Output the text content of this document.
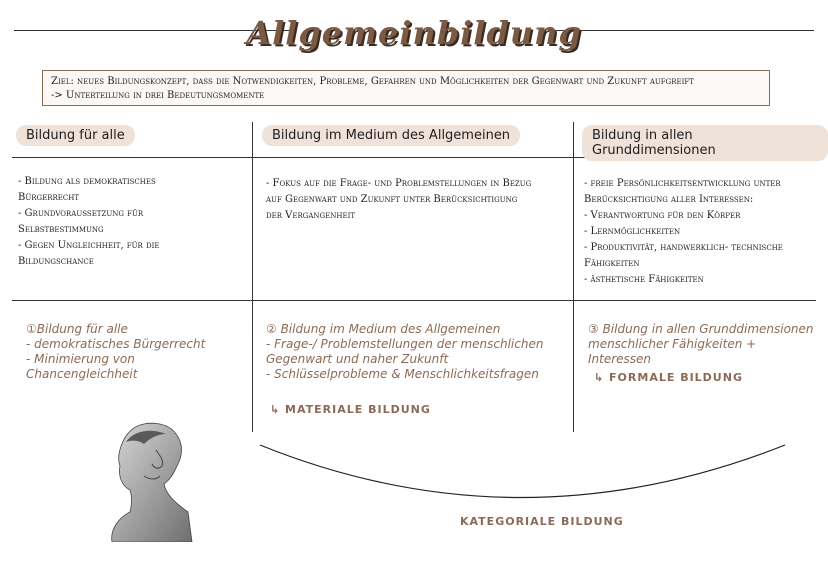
Allgemeinbildung
Ziel: neues Bildungskonzept, dass die Notwendigkeiten, Probleme, Gefahren und Möglichkeiten der Gegenwart und Zukunft aufgreift
-> Unterteilung in drei Bedeutungsmomente
Bildung für alle	Bildung im Medium des Allgemeinen	Bildung in allen Grunddimensionen
- Bildung als demokratisches
Bürgerrecht
- Grundvoraussetzung für
Selbstbestimmung
- Gegen Ungleichheit, für die
Bildungschance
- Fokus auf die Frage- und Problemstellungen in Bezug
auf Gegenwart und Zukunft unter Berücksichtigung
der Vergangenheit
- freie Persönlichkeitsentwicklung unter
Berücksichtigung aller Interessen:
- Verantwortung für den Körper
- Lernmöglichkeiten
- Produktivität, handwerklich- technische
Fähigkeiten
- ästhetische Fähigkeiten
①Bildung für alle
- demokratisches Bürgerrecht
- Minimierung von Chancengleichheit
② Bildung im Medium des Allgemeinen
- Frage-/ Problemstellungen der menschlichen
Gegenwart und naher Zukunft
- Schlüsselprobleme & Menschlichkeitsfragen
↳ MATERIALE BILDUNG
③ Bildung in allen Grunddimensionen
menschlicher Fähigkeiten + Interessen
↳ FORMALE BILDUNG
KATEGORIALE BILDUNG
